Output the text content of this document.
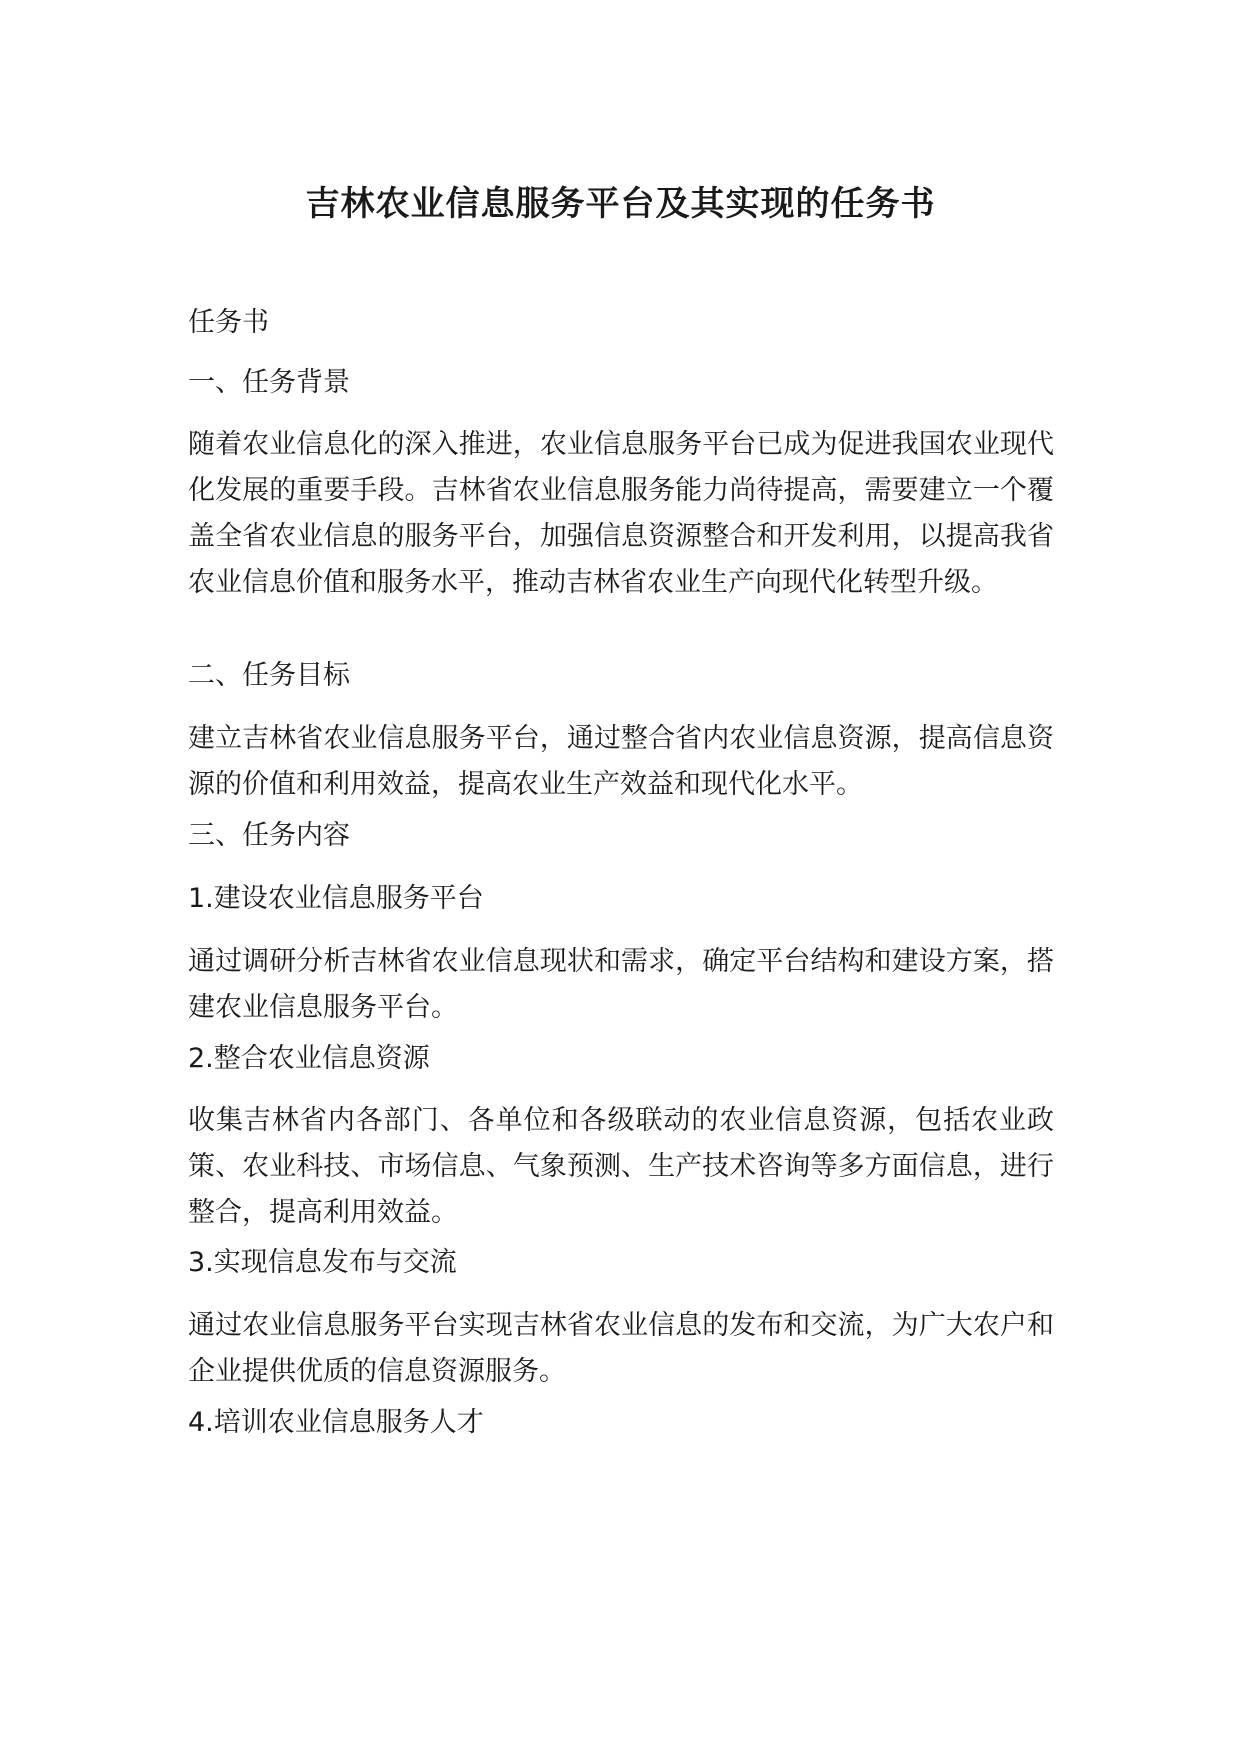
吉林农业信息服务平台及其实现的任务书

任务书

一、任务背景

随着农业信息化的深入推进，农业信息服务平台已成为促进我国农业现代化发展的重要手段。吉林省农业信息服务能力尚待提高，需要建立一个覆盖全省农业信息的服务平台，加强信息资源整合和开发利用，以提高我省农业信息价值和服务水平，推动吉林省农业生产向现代化转型升级。

二、任务目标

建立吉林省农业信息服务平台，通过整合省内农业信息资源，提高信息资源的价值和利用效益，提高农业生产效益和现代化水平。

三、任务内容

1.建设农业信息服务平台

通过调研分析吉林省农业信息现状和需求，确定平台结构和建设方案，搭建农业信息服务平台。

2.整合农业信息资源

收集吉林省内各部门、各单位和各级联动的农业信息资源，包括农业政策、农业科技、市场信息、气象预测、生产技术咨询等多方面信息，进行整合，提高利用效益。

3.实现信息发布与交流

通过农业信息服务平台实现吉林省农业信息的发布和交流，为广大农户和企业提供优质的信息资源服务。

4.培训农业信息服务人才
